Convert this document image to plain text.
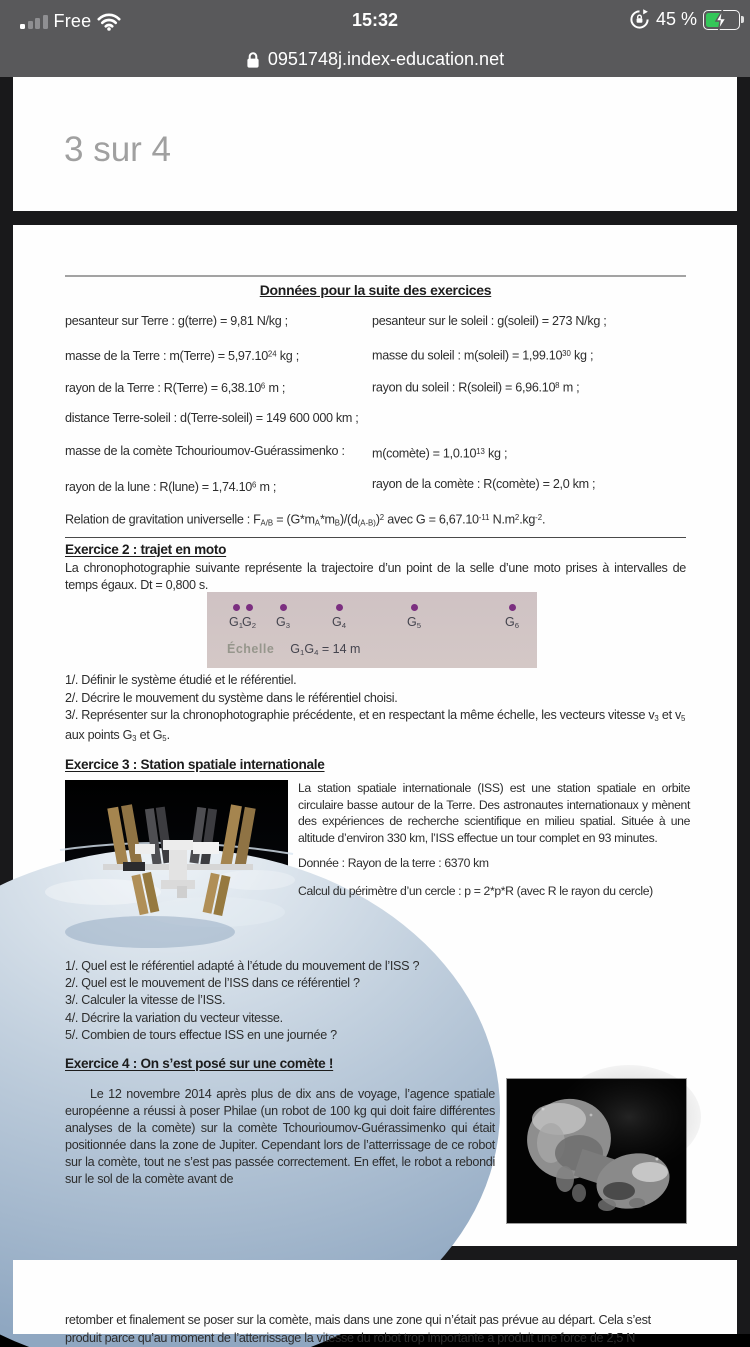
Free	15:32	45 %
0951748j.index-education.net
3 sur 4
Données pour la suite des exercices
pesanteur sur Terre : g(terre) = 9,81 N/kg ;	pesanteur sur le soleil : g(soleil) = 273 N/kg ;
masse de la Terre : m(Terre) = $5,97.10^{24}$ kg ;	masse du soleil : m(soleil) = $1,99.10^{30}$ kg ;
rayon de la Terre : R(Terre) = $6,38.10^6$ m ;	rayon du soleil : R(soleil) = $6,96.10^8$ m ;
distance Terre-soleil : d(Terre-soleil) = 149 600 000 km ;
masse de la comète Tchourioumov-Guérassimenko : m(comète) = $1,0.10^{13}$ kg ;
rayon de la lune : R(lune) = $1,74.10^6$ m ;	rayon de la comète : R(comète) = 2,0 km ;
Relation de gravitation universelle : $F_{A/B} = (G*m_A*m_B)/(d_{(A-B)})^2$ avec $G = 6,67.10^{-11}$ $N.m^2.kg^{-2}$.
Exercice 2 : trajet en moto

La chronophotographie suivante représente la trajectoire d’un point de la selle d’une moto prises à intervalles de temps égaux. Dt = 0,800 s.

$G_1$
$G_2$	$G_3$	$G_4$	$G_5$	$G_6$
Échelle $G_1G_4 = 14$ m
1/. Définir le système étudié et le référentiel.
2/. Décrire le mouvement du système dans le référentiel choisi.
3/. Représenter sur la chronophotographie précédente, et en respectant la même échelle, les vecteurs vitesse $v_3$ et $v_5$ aux points $G_3$ et $G_5$.
Exercice 3 : Station spatiale internationale

La station spatiale internationale (ISS) est une station spatiale en orbite circulaire basse autour de la Terre. Des astronautes internationaux y mènent des expériences de recherche scientifique en milieu spatial. Située à une altitude d’environ 330 km, l’ISS effectue un tour complet en 93 minutes.

Donnée : Rayon de la terre : 6370 km
Calcul du périmètre d’un cercle : p = 2*p*R (avec R le rayon du cercle)
1/. Quel est le référentiel adapté à l’étude du mouvement de l’ISS ?
2/. Quel est le mouvement de l’ISS dans ce référentiel ?
3/. Calculer la vitesse de l’ISS.
4/. Décrire la variation du vecteur vitesse.
5/. Combien de tours effectue ISS en une journée ?
Exercice 4 : On s’est posé sur une comète !

Le 12 novembre 2014 après plus de dix ans de voyage, l’agence spatiale européenne a réussi à poser Philae (un robot de 100 kg qui doit faire différentes analyses de la comète) sur la comète Tchourioumov-Guérassimenko qui était positionnée dans la zone de Jupiter. Cependant lors de l’atterrissage de ce robot sur la comète, tout ne s’est pas passée correctement. En effet, le robot a rebondi sur le sol de la comète avant de

retomber et finalement se poser sur la comète, mais dans une zone qui n’était pas prévue au départ. Cela s’est
produit parce qu’au moment de l’atterrissage la vitesse du robot trop importante a produit une force de 2,5 N
